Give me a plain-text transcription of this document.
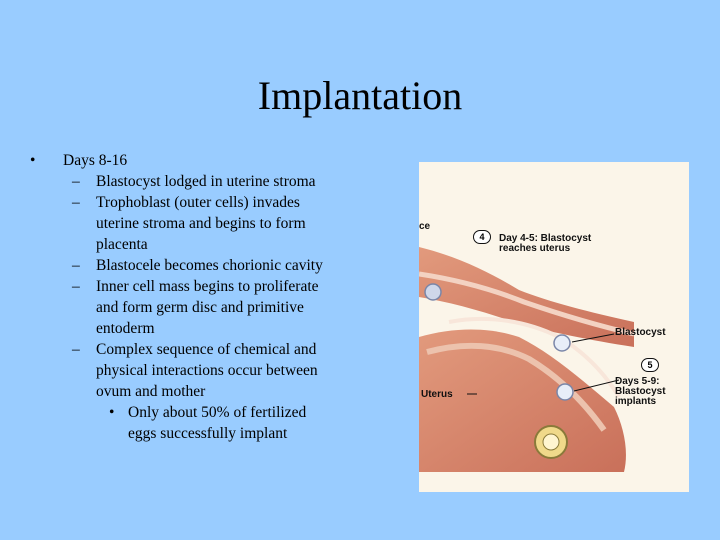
Implantation
• Days 8-16
– Blastocyst lodged in uterine stroma
– Trophoblast (outer cells) invades uterine stroma and begins to form placenta
– Blastocele becomes chorionic cavity
– Inner cell mass begins to proliferate and form germ disc and primitive entoderm
– Complex sequence of chemical and physical interactions occur between ovum and mother
• Only about 50% of fertilized eggs successfully implant
ce
4	Day 4-5: Blastocyst
reaches uterus
Blastocyst
5
Days 5-9:
Blastocyst
implants
Uterus
